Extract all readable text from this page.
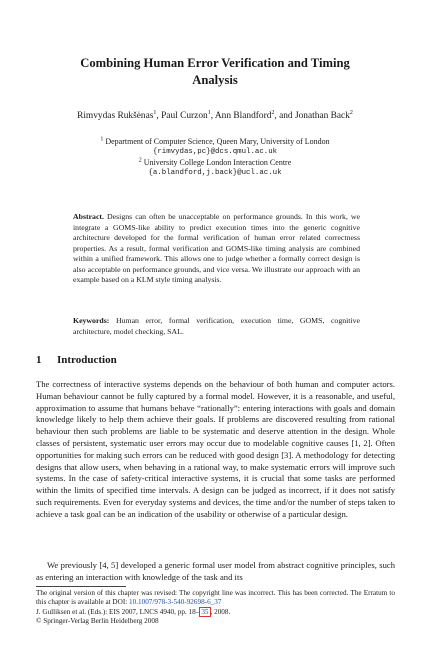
Combining Human Error Verification and Timing
Analysis
Rimvydas Rukšėnas$^1$, Paul Curzon$^1$, Ann Blandford$^2$, and Jonathan Back$^2$
$^1$ Department of Computer Science, Queen Mary, University of London
{rimvydas,pc}@dcs.qmul.ac.uk
$^2$ University College London Interaction Centre
{a.blandford,j.back}@ucl.ac.uk

Abstract. Designs can often be unacceptable on performance grounds. In this work, we integrate a GOMS-like ability to predict execution times into the generic cognitive architecture developed for the formal verification of human error related correctness properties. As a result, formal verification and GOMS-like timing analysis are combined within a unified framework. This allows one to judge whether a formally correct design is also acceptable on performance grounds, and vice versa. We illustrate our approach with an example based on a KLM style timing analysis.

Keywords: Human error, formal verification, execution time, GOMS, cognitive architecture, model checking, SAL.

1 Introduction

The correctness of interactive systems depends on the behaviour of both human and computer actors. Human behaviour cannot be fully captured by a formal model. However, it is a reasonable, and useful, approximation to assume that humans behave “rationally”: entering interactions with goals and domain knowledge likely to help them achieve their goals. If problems are discovered resulting from rational behaviour then such problems are liable to be systematic and deserve attention in the design. Whole classes of persistent, systematic user errors may occur due to modelable cognitive causes [1, 2]. Often opportunities for making such errors can be reduced with good design [3]. A methodology for detecting designs that allow users, when behaving in a rational way, to make systematic errors will improve such systems. In the case of safety-critical interactive systems, it is crucial that some tasks are performed within the limits of specified time intervals. A design can be judged as incorrect, if it does not satisfy such requirements. Even for everyday systems and devices, the time and/or the number of steps taken to achieve a task goal can be an indication of the usability or otherwise of a particular design.

We previously [4, 5] developed a generic formal user model from abstract cognitive principles, such as entering an interaction with knowledge of the task and its

The original version of this chapter was revised: The copyright line was incorrect. This has been corrected. The Erratum to this chapter is available at DOI: 10.1007/978-3-540-92698-6_37
J. Gulliksen et al. (Eds.): EIS 2007, LNCS 4940, pp. 18– 35 , 2008.
© Springer-Verlag Berlin Heidelberg 2008
